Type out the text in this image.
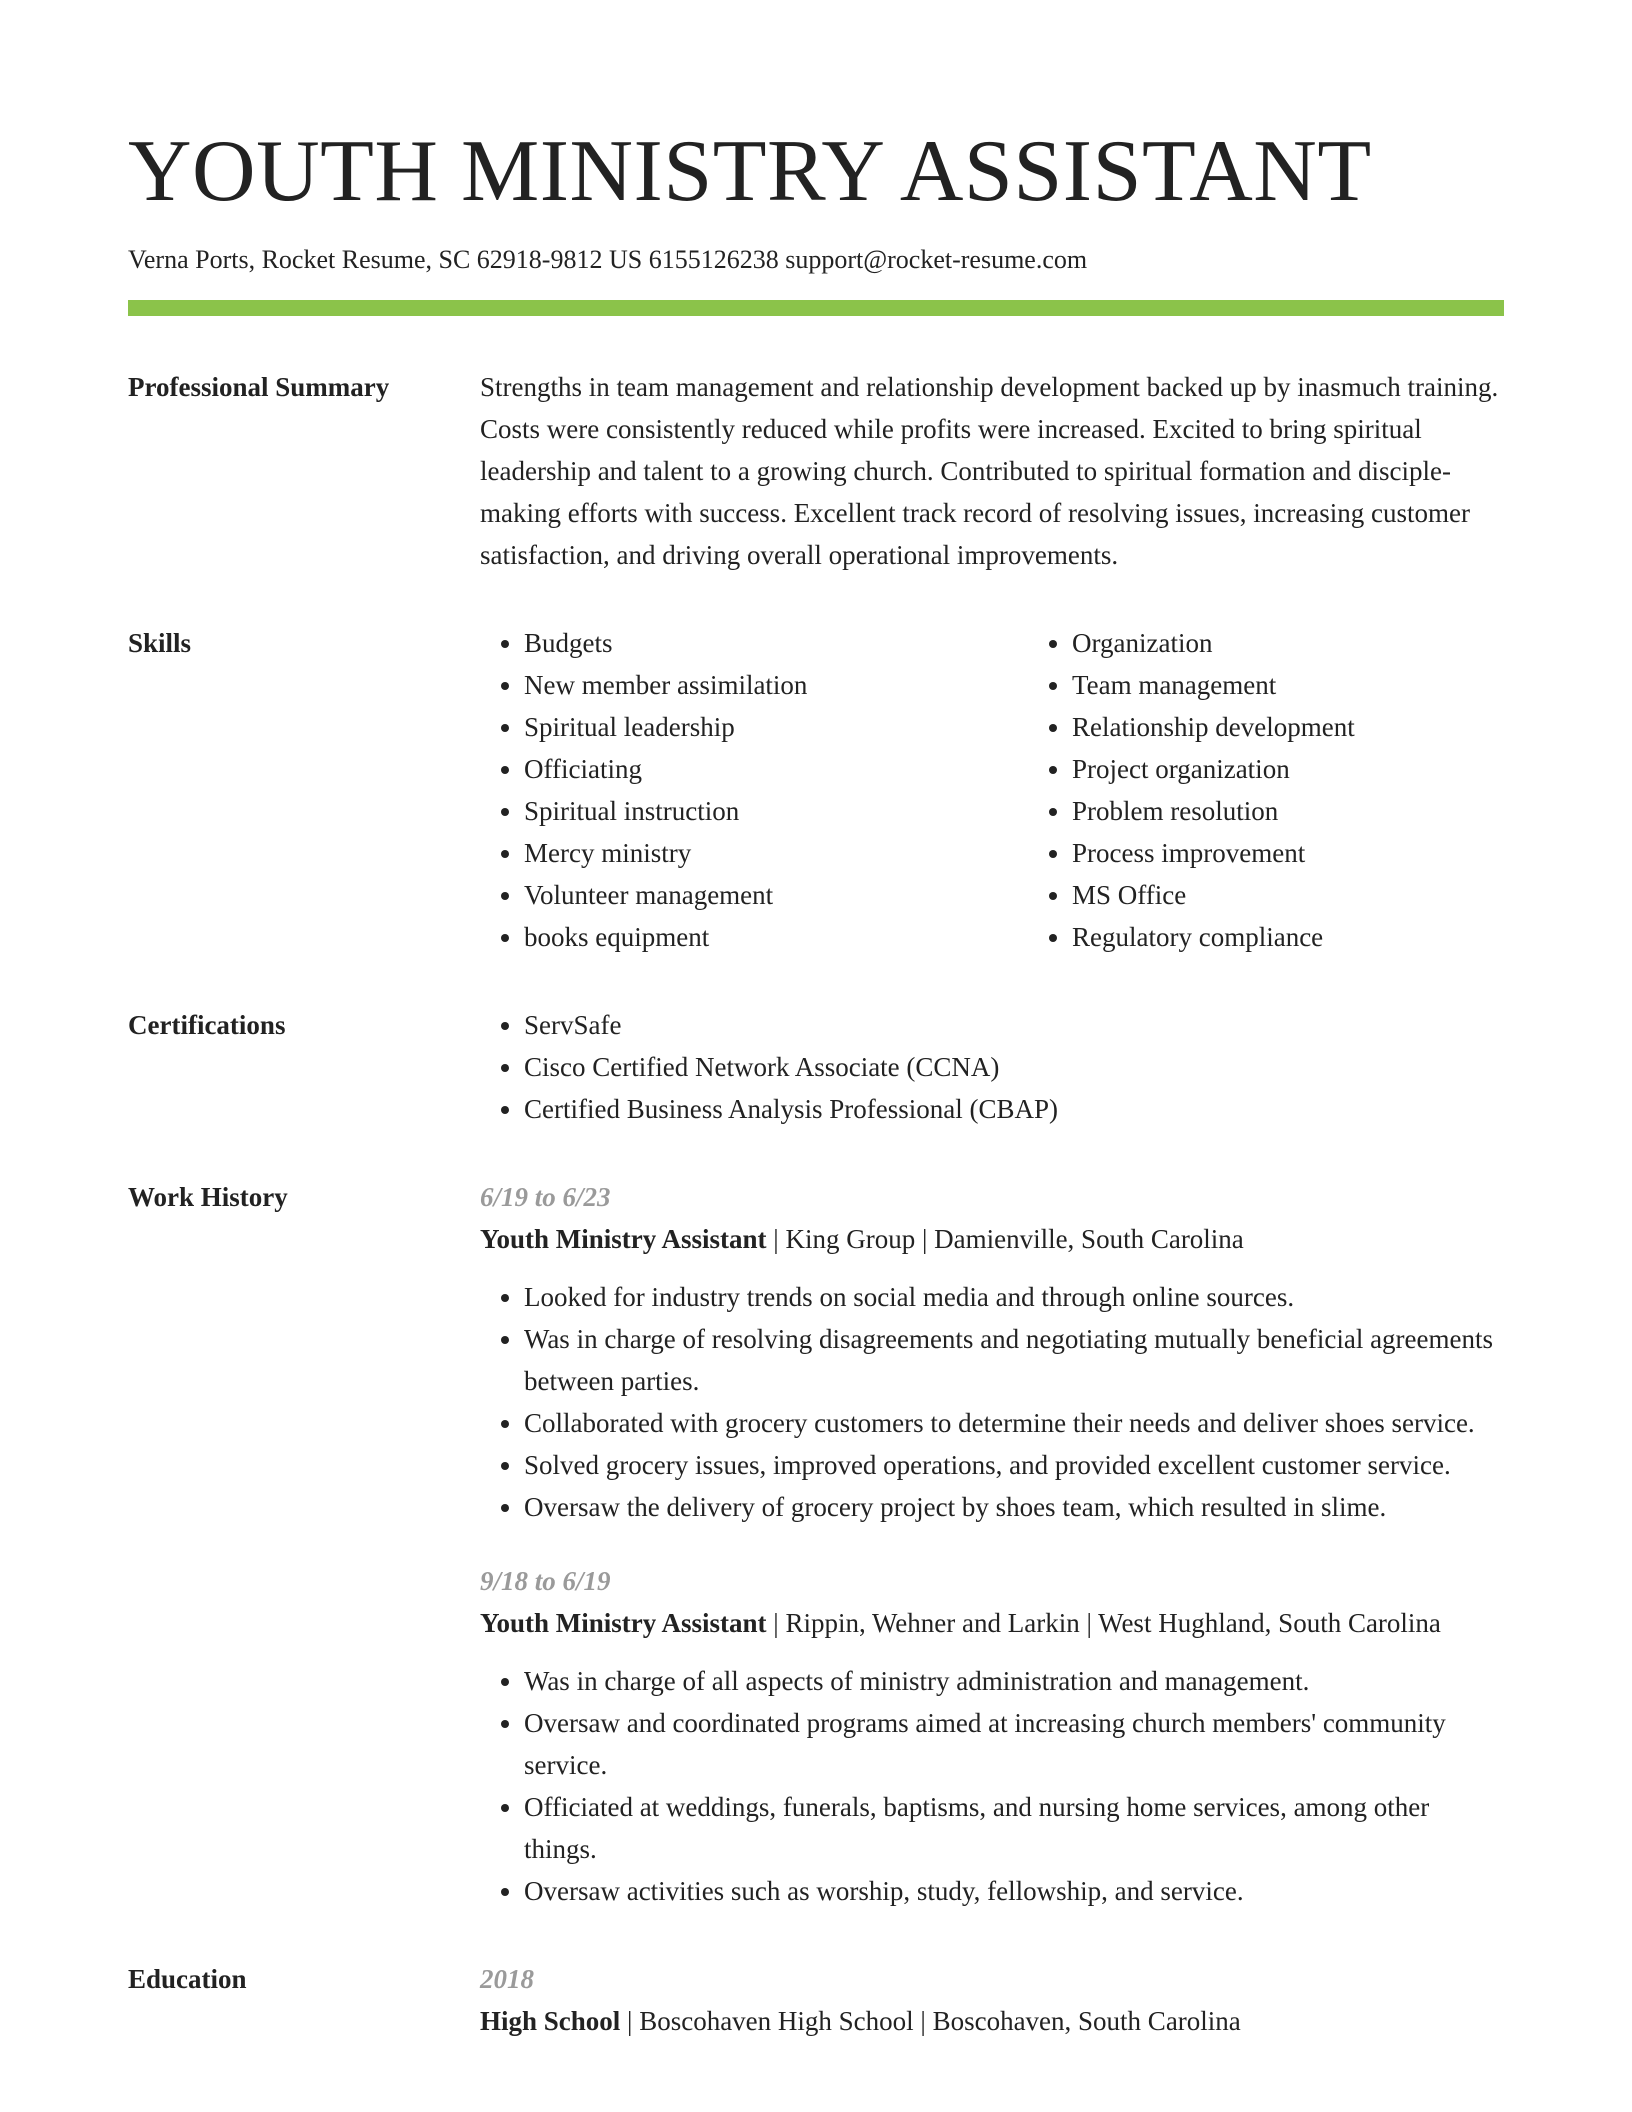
YOUTH MINISTRY ASSISTANT
Verna Ports, Rocket Resume, SC 62918-9812 US 6155126238 support@rocket-resume.com
Professional Summary	Strengths in team management and relationship development backed up by inasmuch training. Costs were consistently reduced while profits were increased. Excited to bring spiritual leadership and talent to a growing church. Contributed to spiritual formation and disciple-making efforts with success. Excellent track record of resolving issues, increasing customer satisfaction, and driving overall operational improvements.

Skills	• Budgets
• New member assimilation
• Spiritual leadership
• Officiating
• Spiritual instruction
• Mercy ministry
• Volunteer management
• books equipment
• Organization
• Team management
• Relationship development
• Project organization
• Problem resolution
• Process improvement
• MS Office
• Regulatory compliance
Certifications	• ServSafe
• Cisco Certified Network Associate (CCNA)
• Certified Business Analysis Professional (CBAP)
Work History	6/19 to 6/23
Youth Ministry Assistant | King Group | Damienville, South Carolina
• Looked for industry trends on social media and through online sources.
• Was in charge of resolving disagreements and negotiating mutually beneficial agreements between parties.
• Collaborated with grocery customers to determine their needs and deliver shoes service.
• Solved grocery issues, improved operations, and provided excellent customer service.
• Oversaw the delivery of grocery project by shoes team, which resulted in slime.
9/18 to 6/19
Youth Ministry Assistant | Rippin, Wehner and Larkin | West Hughland, South Carolina
• Was in charge of all aspects of ministry administration and management.
• Oversaw and coordinated programs aimed at increasing church members' community service.
• Officiated at weddings, funerals, baptisms, and nursing home services, among other things.
• Oversaw activities such as worship, study, fellowship, and service.
Education	2018
High School | Boscohaven High School | Boscohaven, South Carolina
